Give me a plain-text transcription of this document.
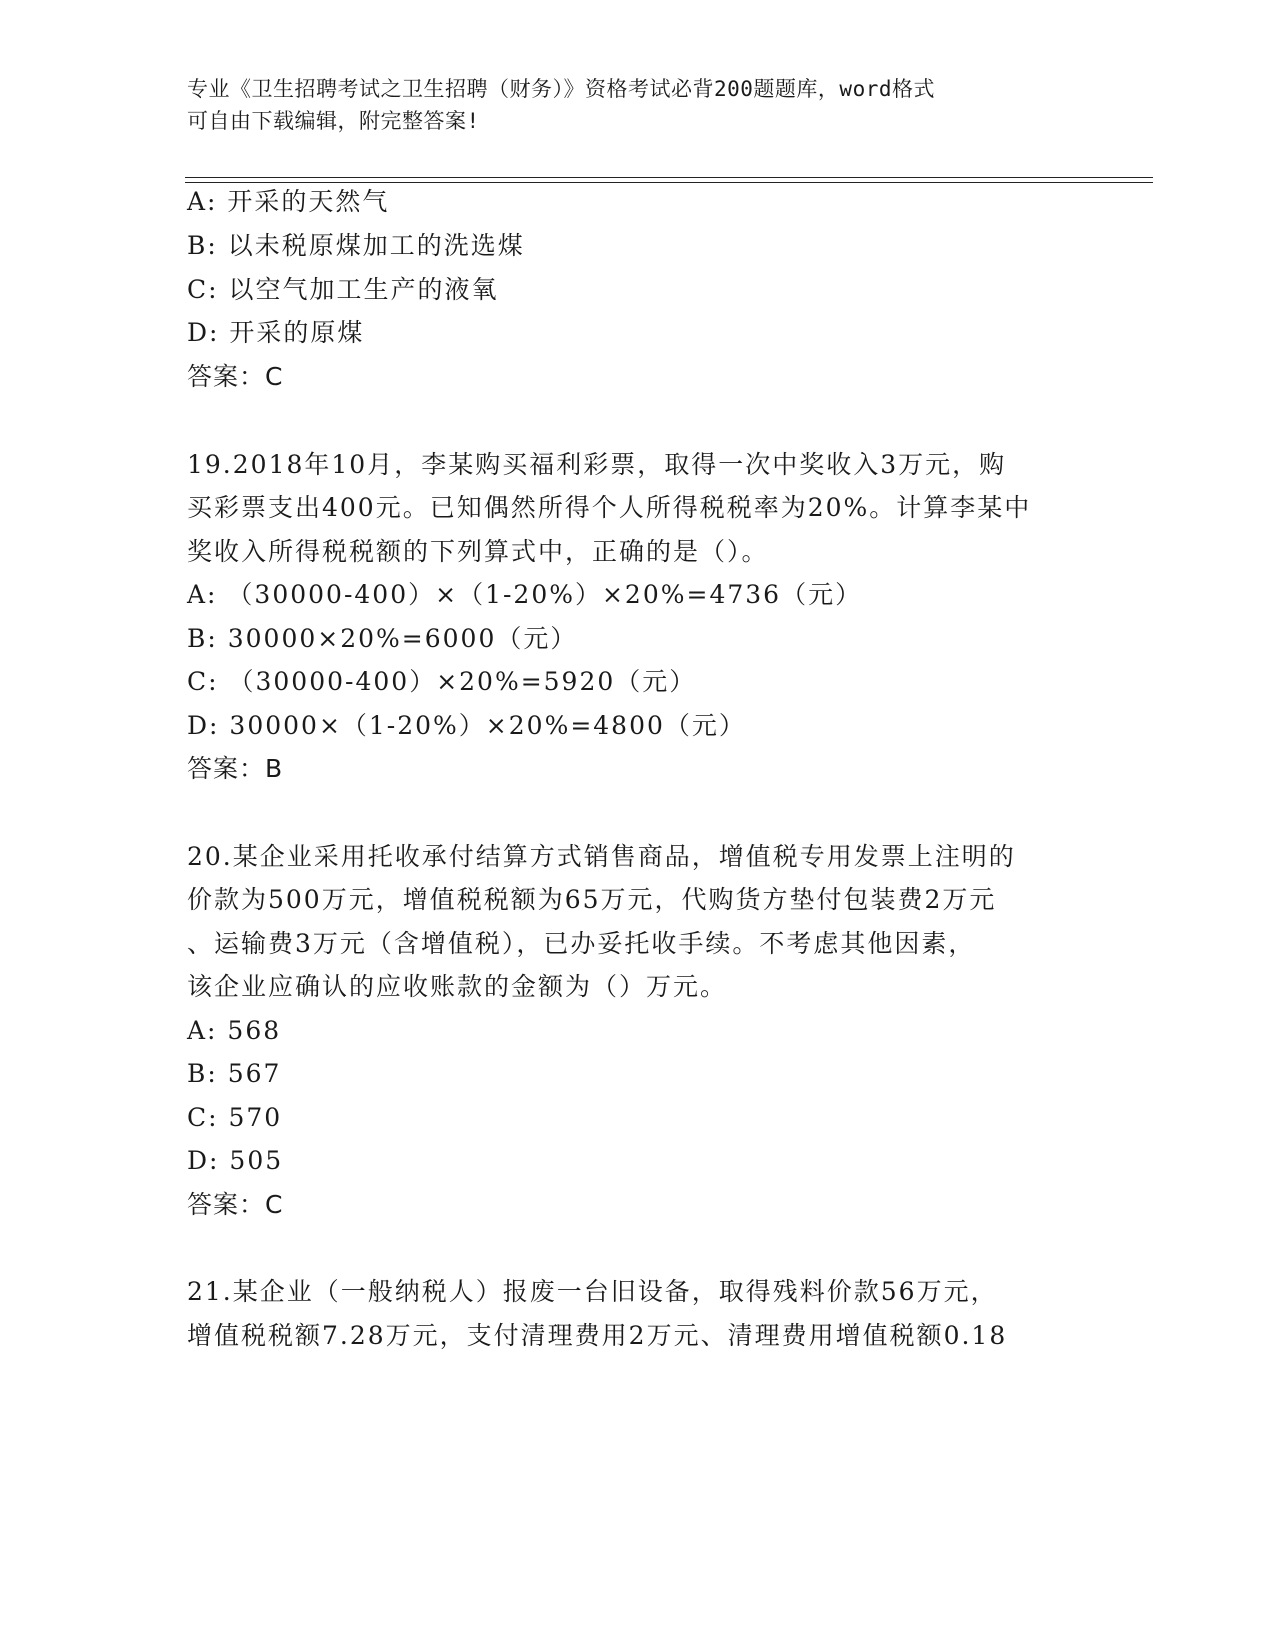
专业《卫生招聘考试之卫生招聘（财务）》资格考试必背200题题库，word格式
可自由下载编辑，附完整答案!
A: 开采的天然气
B: 以未税原煤加工的洗选煤
C: 以空气加工生产的液氧
D: 开采的原煤
答案：C
19.2018年10月，李某购买福利彩票，取得一次中奖收入3万元，购
买彩票支出400元。已知偶然所得个人所得税税率为20%。计算李某中
奖收入所得税税额的下列算式中，正确的是（）。
A: （30000-400）×（1-20%）×20%=4736（元）
B: 30000×20%=6000（元）
C: （30000-400）×20%=5920（元）
D: 30000×（1-20%）×20%=4800（元）
答案：B
20.某企业采用托收承付结算方式销售商品，增值税专用发票上注明的
价款为500万元，增值税税额为65万元，代购货方垫付包装费2万元
、运输费3万元（含增值税），已办妥托收手续。不考虑其他因素，
该企业应确认的应收账款的金额为（）万元。
A: 568
B: 567
C: 570
D: 505
答案：C
21.某企业（一般纳税人）报废一台旧设备，取得残料价款56万元，
增值税税额7.28万元，支付清理费用2万元、清理费用增值税额0.18
